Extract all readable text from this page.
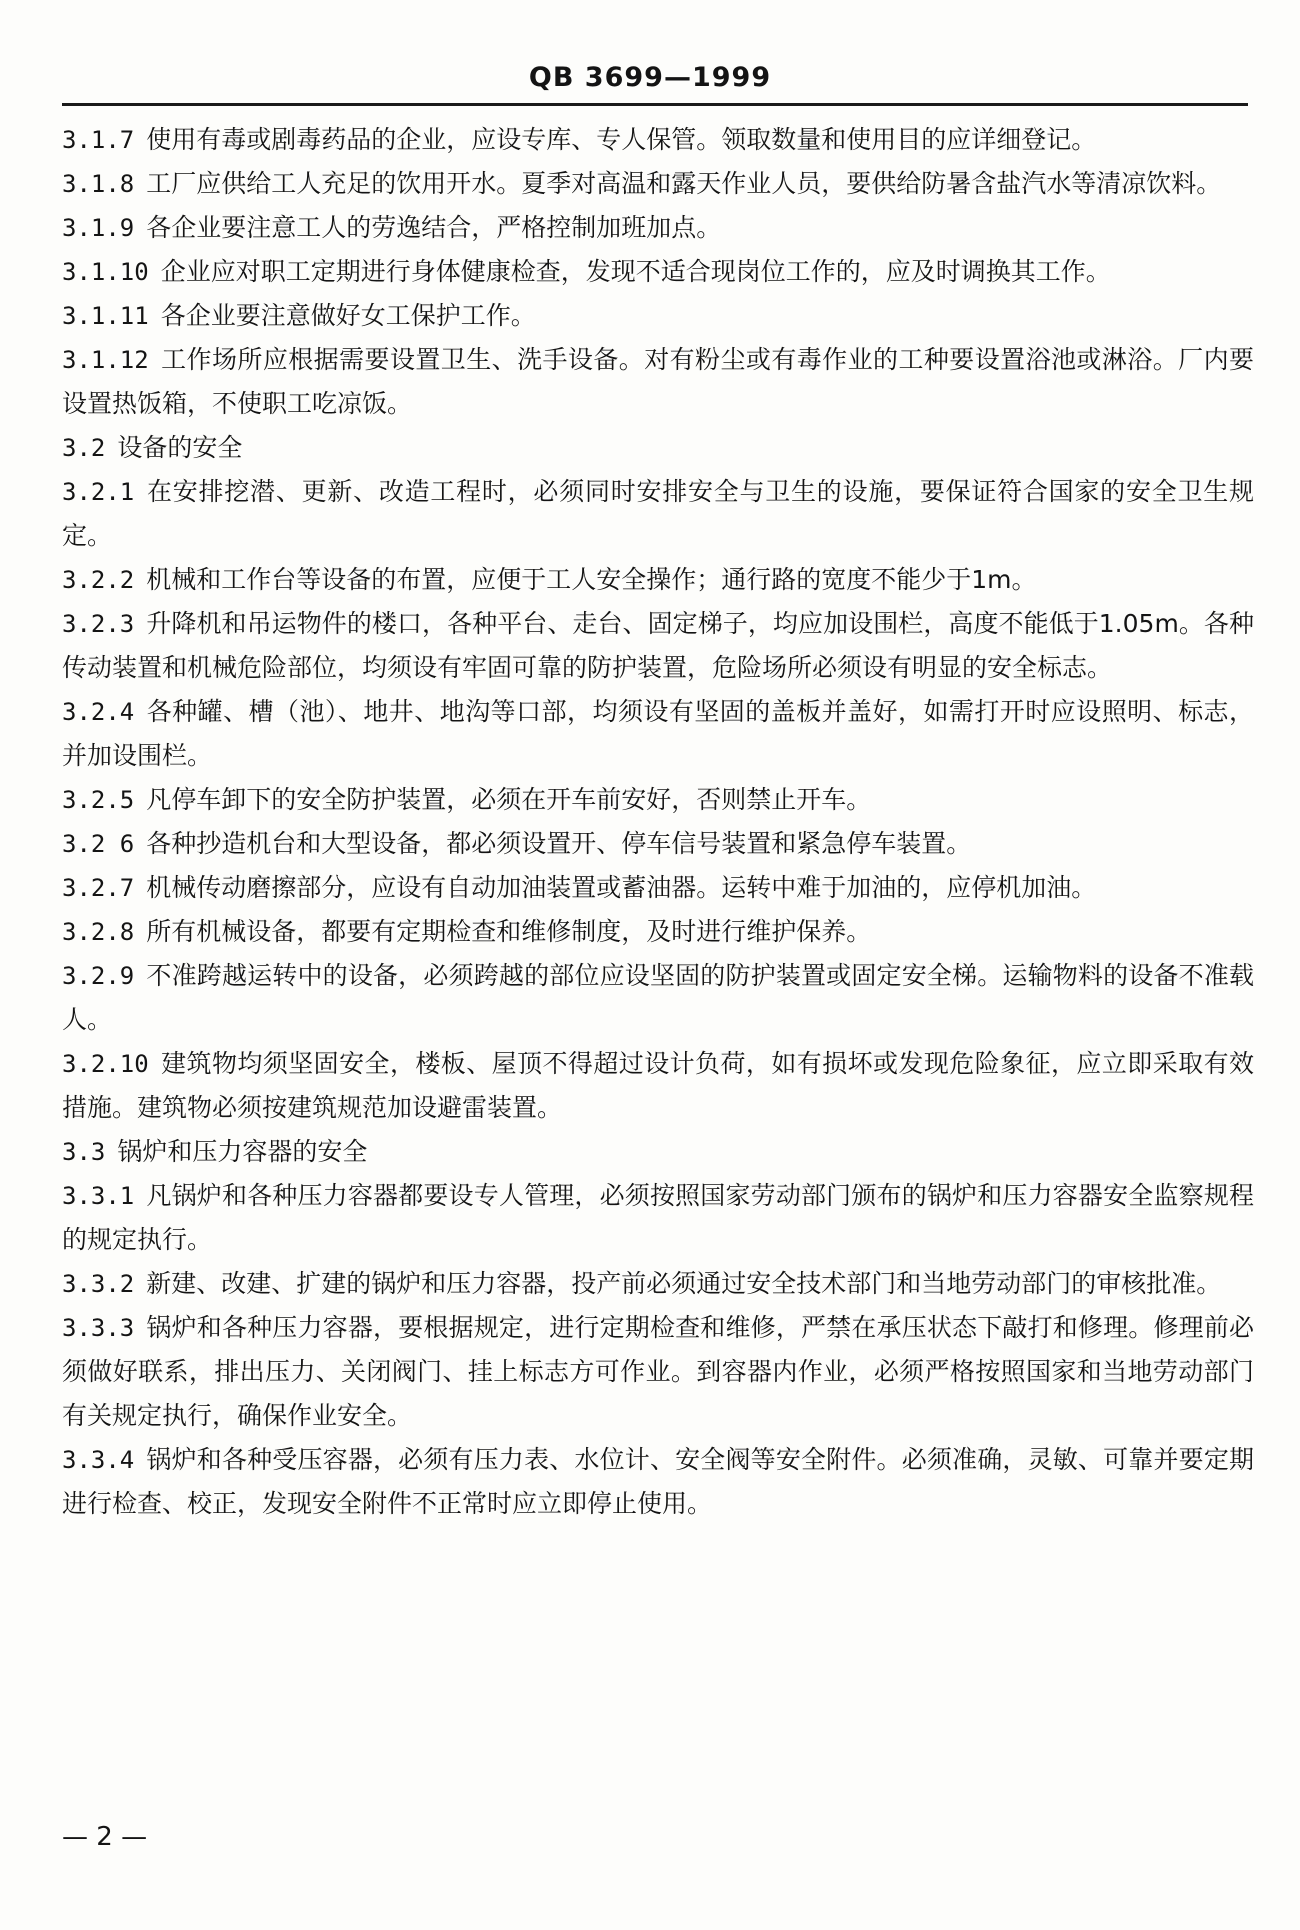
QB 3699—1999

3.1.7 使用有毒或剧毒药品的企业，应设专库、专人保管。领取数量和使用目的应详细登记。

3.1.8 工厂应供给工人充足的饮用开水。夏季对高温和露天作业人员，要供给防暑含盐汽水等清凉饮料。

3.1.9 各企业要注意工人的劳逸结合，严格控制加班加点。

3.1.10 企业应对职工定期进行身体健康检查，发现不适合现岗位工作的，应及时调换其工作。

3.1.11 各企业要注意做好女工保护工作。

3.1.12 工作场所应根据需要设置卫生、洗手设备。对有粉尘或有毒作业的工种要设置浴池或淋浴。厂内要设置热饭箱，不使职工吃凉饭。

3.2 设备的安全

3.2.1 在安排挖潜、更新、改造工程时，必须同时安排安全与卫生的设施，要保证符合国家的安全卫生规定。

3.2.2 机械和工作台等设备的布置，应便于工人安全操作；通行路的宽度不能少于1m。

3.2.3 升降机和吊运物件的楼口，各种平台、走台、固定梯子，均应加设围栏，高度不能低于1.05m。各种传动装置和机械危险部位，均须设有牢固可靠的防护装置，危险场所必须设有明显的安全标志。

3.2.4 各种罐、槽（池）、地井、地沟等口部，均须设有坚固的盖板并盖好，如需打开时应设照明、标志，并加设围栏。

3.2.5 凡停车卸下的安全防护装置，必须在开车前安好，否则禁止开车。

3.2 6 各种抄造机台和大型设备，都必须设置开、停车信号装置和紧急停车装置。

3.2.7 机械传动磨擦部分，应设有自动加油装置或蓄油器。运转中难于加油的，应停机加油。

3.2.8 所有机械设备，都要有定期检查和维修制度，及时进行维护保养。

3.2.9 不准跨越运转中的设备，必须跨越的部位应设坚固的防护装置或固定安全梯。运输物料的设备不准载人。

3.2.10 建筑物均须坚固安全，楼板、屋顶不得超过设计负荷，如有损坏或发现危险象征，应立即采取有效措施。建筑物必须按建筑规范加设避雷装置。

3.3 锅炉和压力容器的安全

3.3.1 凡锅炉和各种压力容器都要设专人管理，必须按照国家劳动部门颁布的锅炉和压力容器安全监察规程的规定执行。

3.3.2 新建、改建、扩建的锅炉和压力容器，投产前必须通过安全技术部门和当地劳动部门的审核批准。

3.3.3 锅炉和各种压力容器，要根据规定，进行定期检查和维修，严禁在承压状态下敲打和修理。修理前必须做好联系，排出压力、关闭阀门、挂上标志方可作业。到容器内作业，必须严格按照国家和当地劳动部门有关规定执行，确保作业安全。

3.3.4 锅炉和各种受压容器，必须有压力表、水位计、安全阀等安全附件。必须准确，灵敏、可靠并要定期进行检查、校正，发现安全附件不正常时应立即停止使用。

— 2 —
